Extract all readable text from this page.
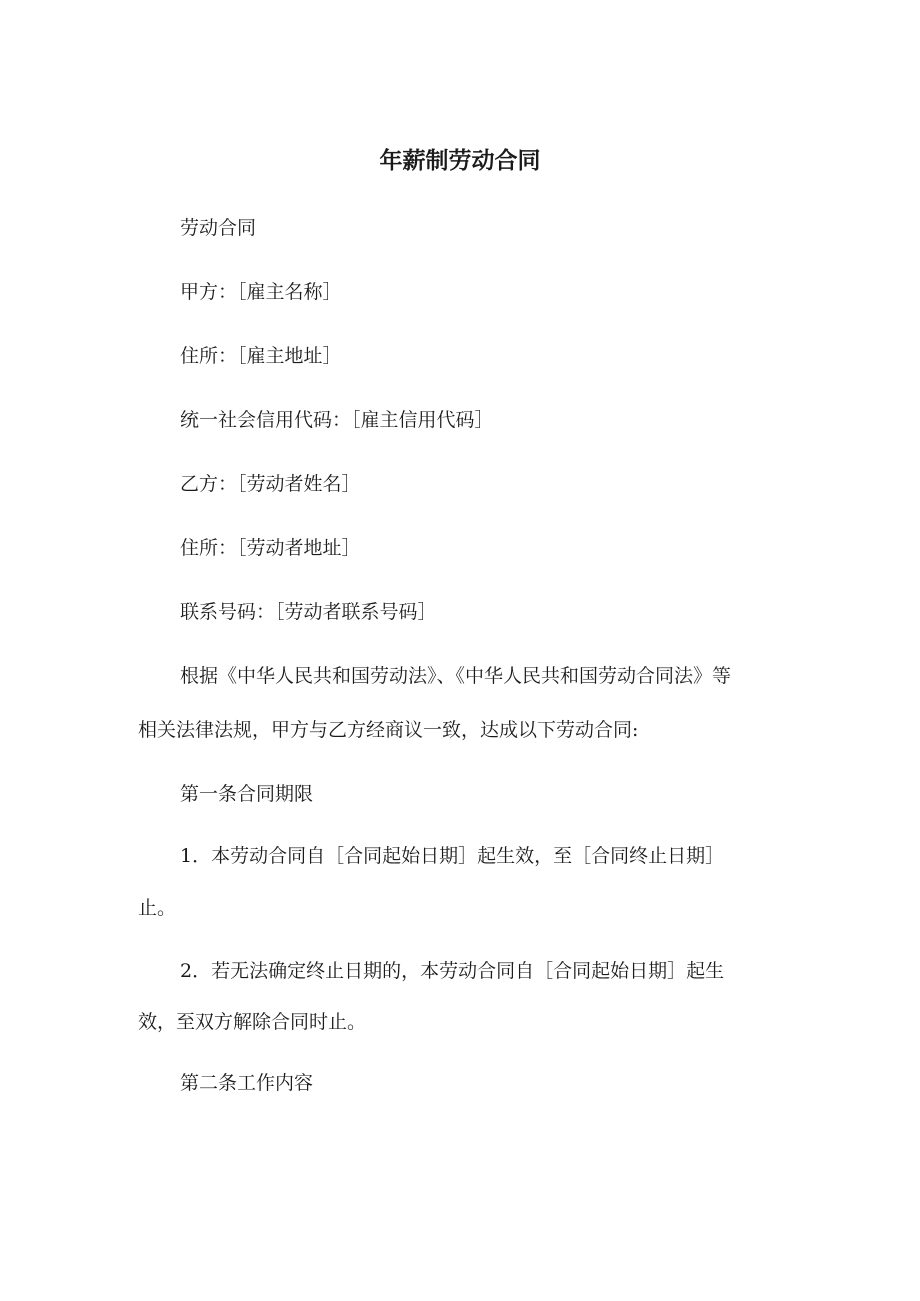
年薪制劳动合同

劳动合同

甲方：［雇主名称］

住所：［雇主地址］

统一社会信用代码：［雇主信用代码］

乙方：［劳动者姓名］

住所：［劳动者地址］

联系号码：［劳动者联系号码］

根据《中华人民共和国劳动法》、《中华人民共和国劳动合同法》等

相关法律法规，甲方与乙方经商议一致，达成以下劳动合同:

第一条合同期限

1．本劳动合同自［合同起始日期］起生效，至［合同终止日期］

止。

2．若无法确定终止日期的，本劳动合同自［合同起始日期］起生

效，至双方解除合同时止。

第二条工作内容
